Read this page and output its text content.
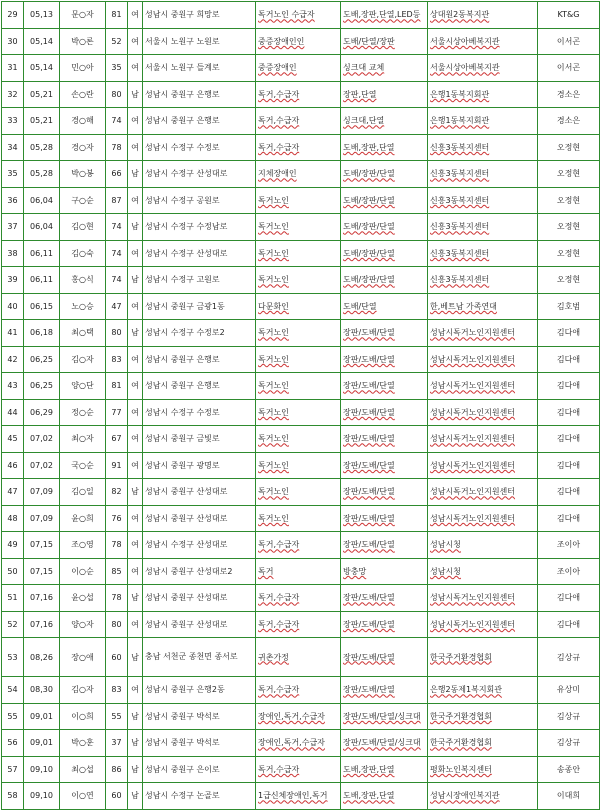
29	05,13	문○자	81	여	성남시 중원구 희망로	독거노인 수급자	도배,장판,단열,LED등	상대원2동복지관	KT&G
30	05,14	박○론	52	여	서울시 노원구 노원로	중증장애인인	도배/단열/장판	서울시상아베복지관	이서곤
31	05,14	민○아	35	여	서울시 노원구 들계로	중증장애인	싱크대 교체	서울시상아베복지관	이서곤
32	05,21	손○란	80	남	성남시 중원구 은행로	독거,수급자	장판,단열	은행1동복지회관	경소은
33	05,21	경○해	74	여	성남시 중원구 은행로	독거,수급자	싱크대,단열	은행1동복지회관	경소은
34	05,28	경○자	78	여	성남시 수정구 수정로	독거,수급자	도배,장판,단열	신흥3동복지센터	오정현
35	05,28	박○봉	66	남	성남시 수정구 산성대로	지체장애인	도배/장판/단열	신흥3동복지센터	오정현
36	06,04	구○순	87	여	성남시 수정구 공원로	독거노인	도배/장판/단열	신흥3동복지센터	오정현
37	06,04	김○현	74	남	성남시 수정구 수정남로	독거노인	도배/장판/단열	신흥3동복지센터	오정현
38	06,11	김○숙	74	여	성남시 수정구 산성대로	독거노인	도배/장판/단열	신흥3동복지센터	오정현
39	06,11	홍○식	74	남	성남시 수정구 고원로	독거노인	도배/장판/단열	신흥3동복지센터	오정현
40	06,15	노○승	47	여	성남시 중원구 금광1동	다문화인	도배/단열	한,베트남 가족연대	김호범
41	06,18	최○택	80	남	성남시 수정구 수정로2	독거노인	장판/도배/단열	성남시독거노인지원센터	김다애
42	06,25	김○자	83	여	성남시 중원구 은행로	독거노인	장판/도배/단열	성남시독거노인지원센터	김다애
43	06,25	양○단	81	여	성남시 중원구 은행로	독거노인	장판/도배/단열	성남시독거노인지원센터	김다애
44	06,29	정○순	77	여	성남시 수정구 수정로	독거노인	장판/도배/단열	성남시독거노인지원센터	김다애
45	07,02	최○자	67	여	성남시 중원구 금빛로	독거노인	장판/도배/단열	성남시독거노인지원센터	김다애
46	07,02	국○순	91	여	성남시 중원구 광명로	독거노인	장판/도배/단열	성남시독거노인지원센터	김다애
47	07,09	김○일	82	남	성남시 중원구 산성대로	독거노인	장판/도배/단열	성남시독거노인지원센터	김다애
48	07,09	윤○희	76	여	성남시 중원구 산성대로	독거노인	장판/도배/단열	성남시독거노인지원센터	김다애
49	07,15	조○영	78	여	성남시 수정구 산성대로	독거,수급자	장판/도배/단열	성남시청	조이아
50	07,15	이○순	85	여	성남시 중원구 산성대로2	독거	방충망	성남시청	조이아
51	07,16	윤○섭	78	남	성남시 중원구 산성대로	독거,수급자	장판/도배/단열	성남시독거노인지원센터	김다애
52	07,16	양○자	80	여	성남시 중원구 산성대로	독거,수급자	장판/도배/단열	성남시독거노인지원센터	김다애
53	08,26	장○애	60	남	충남 서천군 종천면 종서로	귀촌가정	장판/도배/단열	한국주거환경협회	김상규
54	08,30	김○자	83	여	성남시 중원구 은행2동	독거,수급자	장판/도배/단열	은행2동제1복지회관	유상미
55	09,01	이○희	55	남	성남시 중원구 박석로	장애인,독거,수급자	장판/도배/단열/싱크대	한국주거환경협회	김상규
56	09,01	박○훈	37	남	성남시 중원구 박석로	장애인,독거,수급자	장판/도배/단열/싱크대	한국주거환경협회	김상규
57	09,10	최○섭	86	남	성남시 중원구 은이로	독거,수급자	도배,장판,단열	평화노인복지센터	송종안
58	09,10	이○연	60	남	성남시 수정구 논골로	1급신체장애인,독거	도배,장판,단열	성남시장애인복지관	이대희
